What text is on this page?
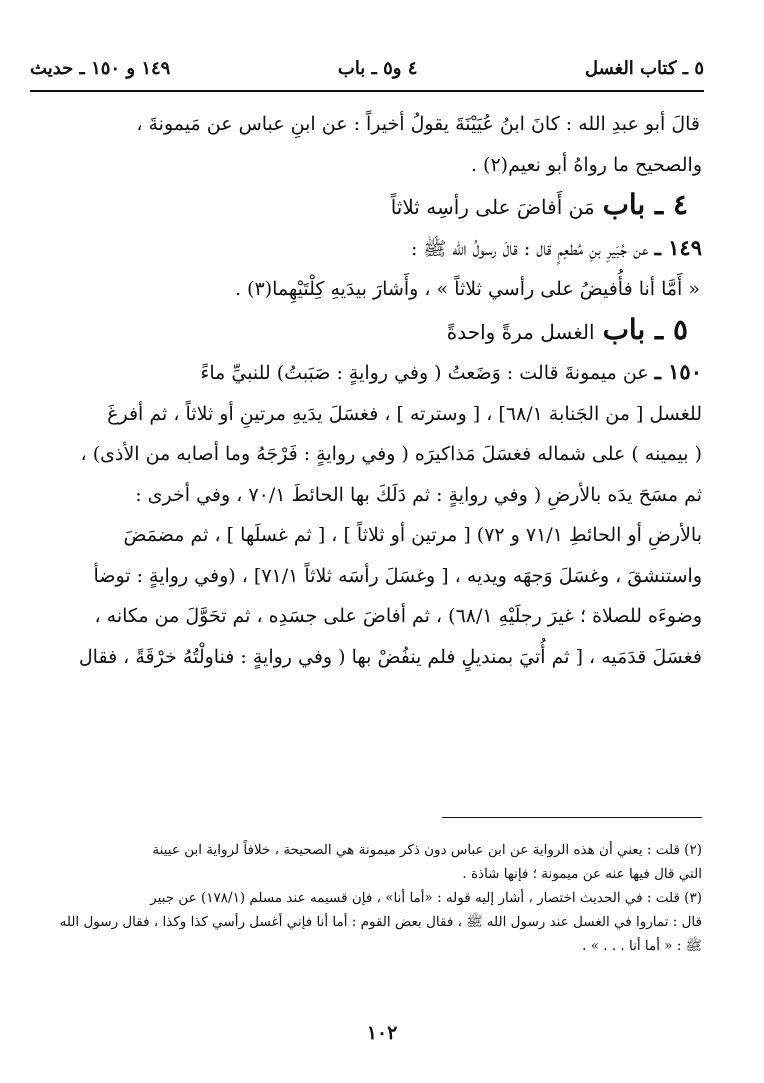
٥ ـ كتاب الغسل
٤ و٥ ـ باب
١٤٩ و ١٥٠ ـ حديث

قالَ أبو عبدِ الله : كانَ ابنُ عُيَيْنَةَ يقولُ أخيراً : عن ابنِ عباس عن مَيمونةَ ،

والصحيح ما رواهُ أبو نعيم(٢) .

٤ ـ باب مَن أَفاضَ على رأسِه ثلاثاً

١٤٩ ـ عن جُبَيرِ بنِ مُطعِمٍ قال : قالَ رسولُ الله ﷺ :

« أَمَّا أنا فأُفيضُ على رأسي ثلاثاً » ، وأَشارَ بيدَيهِ كِلْتَيْهِما(٣) .

٥ ـ باب الغسل مرةً واحدةً

١٥٠ ـ عن ميمونةَ قالت : وَضَعتُ ( وفي روايةٍ : صَبَبتُ) للنبيِّ ماءً

للغسل [ من الجَنابة ٦٨/١] ، [ وسترته ] ، فغسَلَ يدَيهِ مرتينِ أو ثلاثاً ، ثم أفرغَ

( بيمينه ) على شماله فغسَلَ مَذاكيرَه ( وفي روايةٍ : فَرْجَهُ وما أصابه من الأذى) ،

ثم مسَحَ يدَه بالأرضِ ( وفي روايةٍ : ثم دَلَكَ بها الحائطَ ٧٠/١ ، وفي أخرى :

بالأرضِ أو الحائطِ ٧١/١ و ٧٢) [ مرتين أو ثلاثاً ] ، [ ثم غسلَها ] ، ثم مضمَضَ

واستنشقَ ، وغسَلَ وَجهَه ويديه ، [ وغسَلَ رأسَه ثلاثاً ٧١/١] ، (وفي روايةٍ : توضأ

وضوءَه للصلاة ؛ غيرَ رجلَيْهِ ٦٨/١) ، ثم أفاضَ على جسَدِه ، ثم تحَوَّلَ من مكانه ،

فغسَلَ قدَمَيه ، [ ثم أُتيَ بمنديلٍ فلم ينفُضْ بها ( وفي روايةٍ : فناولْتُهُ خرْقَةً ، فقال

(٢) قلت : يعني أن هذه الرواية عن ابن عباس دون ذكر ميمونة هي الصحيحة ، خلافاً لرواية ابن عيينة

التي قال فيها عنه عن ميمونة ؛ فإنها شاذة .

(٣) قلت : في الحديث اختصار ، أشار إليه قوله : «أما أنا» ، فإن قسيمه عند مسلم (١٧٨/١) عن جبير

قال : تماروا في الغسل عند رسول الله ﷺ ، فقال بعض القوم : أما أنا فإني أغسل رأسي كذا وكذا ، فقال رسول الله

ﷺ : « أما أنا . . . » .

١٠٢
